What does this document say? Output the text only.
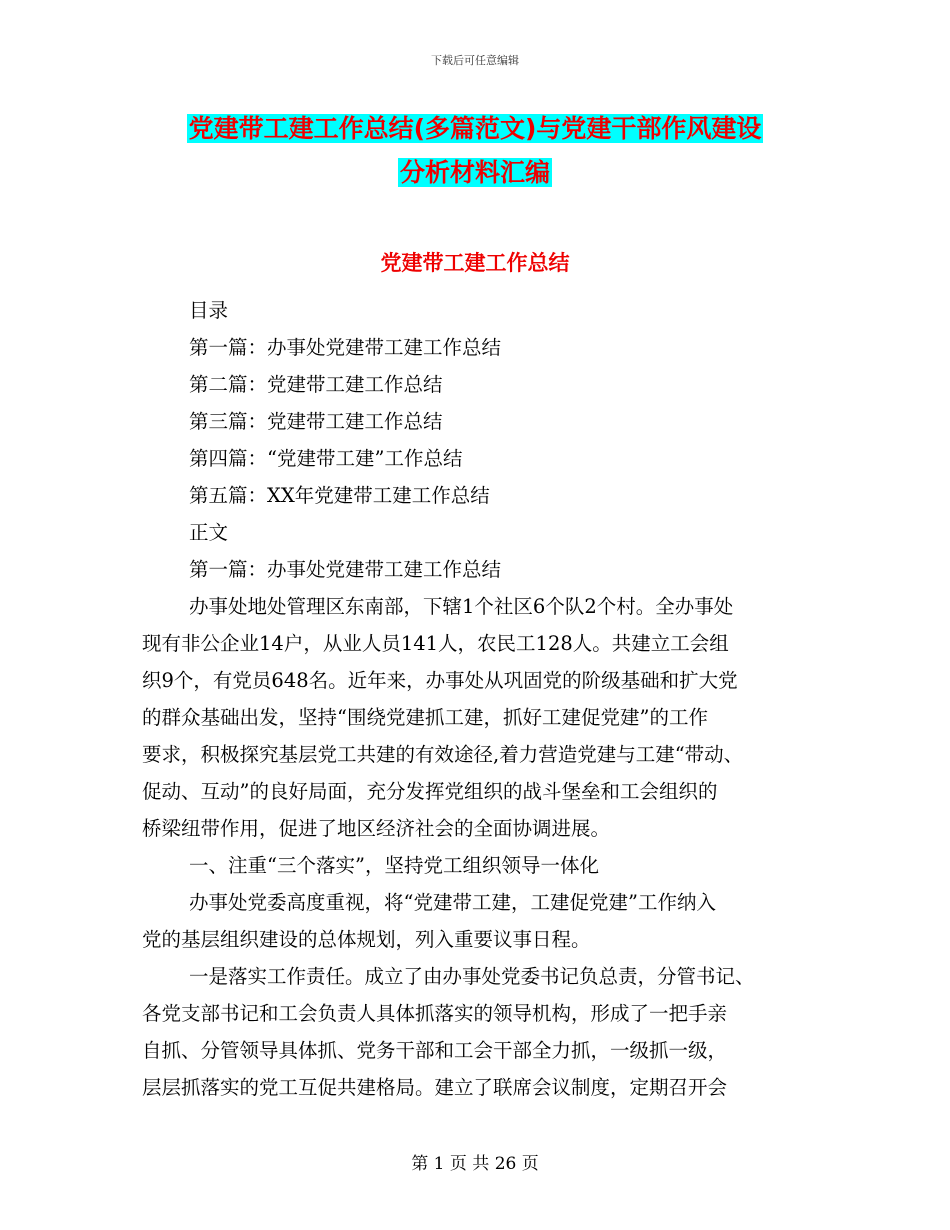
下载后可任意编辑
党建带工建工作总结(多篇范文)与党建干部作风建设
分析材料汇编
党建带工建工作总结
目录
第一篇：办事处党建带工建工作总结
第二篇：党建带工建工作总结
第三篇：党建带工建工作总结
第四篇：“党建带工建”工作总结
第五篇：XX年党建带工建工作总结
正文
第一篇：办事处党建带工建工作总结
办事处地处管理区东南部，下辖1个社区6个队2个村。全办事处
现有非公企业14户，从业人员141人，农民工128人。共建立工会组
织9个，有党员648名。近年来，办事处从巩固党的阶级基础和扩大党
的群众基础出发，坚持“围绕党建抓工建，抓好工建促党建”的工作
要求，积极探究基层党工共建的有效途径,着力营造党建与工建“带动、
促动、互动”的良好局面，充分发挥党组织的战斗堡垒和工会组织的
桥梁纽带作用，促进了地区经济社会的全面协调进展。
一、注重“三个落实”，坚持党工组织领导一体化
办事处党委高度重视，将“党建带工建，工建促党建”工作纳入
党的基层组织建设的总体规划，列入重要议事日程。
一是落实工作责任。成立了由办事处党委书记负总责，分管书记、
各党支部书记和工会负责人具体抓落实的领导机构，形成了一把手亲
自抓、分管领导具体抓、党务干部和工会干部全力抓，一级抓一级，
层层抓落实的党工互促共建格局。建立了联席会议制度，定期召开会
第 1 页 共 26 页
